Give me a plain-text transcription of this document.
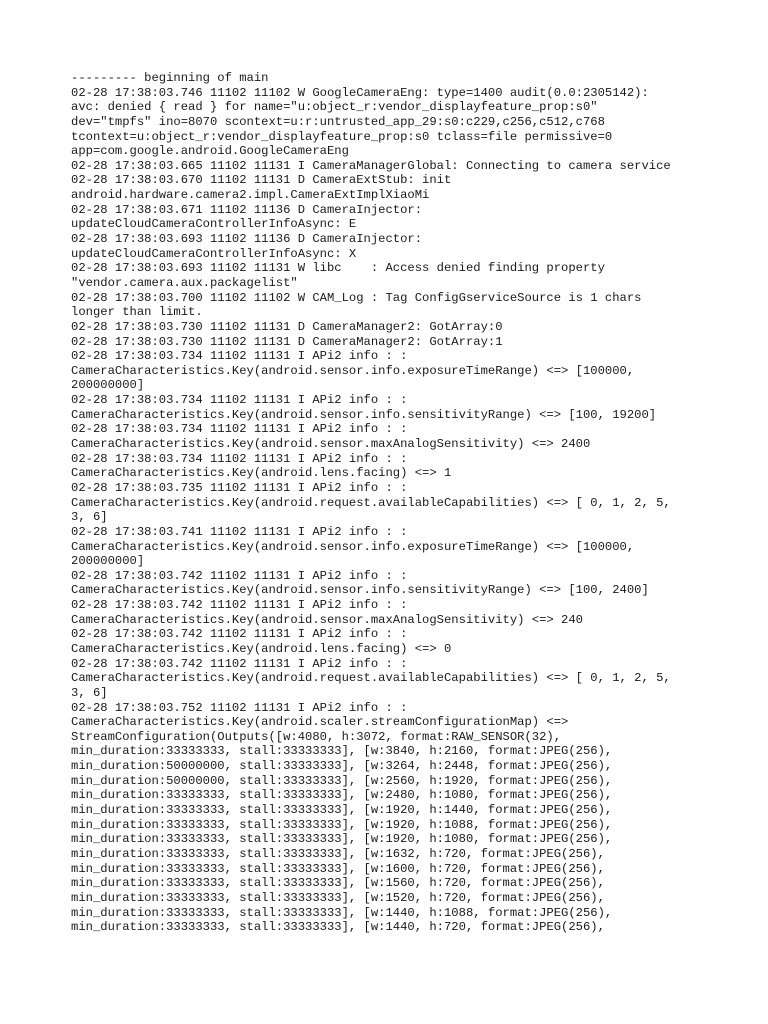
--------- beginning of main
02-28 17:38:03.746 11102 11102 W GoogleCameraEng: type=1400 audit(0.0:2305142):
avc: denied { read } for name="u:object_r:vendor_displayfeature_prop:s0"
dev="tmpfs" ino=8070 scontext=u:r:untrusted_app_29:s0:c229,c256,c512,c768
tcontext=u:object_r:vendor_displayfeature_prop:s0 tclass=file permissive=0
app=com.google.android.GoogleCameraEng
02-28 17:38:03.665 11102 11131 I CameraManagerGlobal: Connecting to camera service
02-28 17:38:03.670 11102 11131 D CameraExtStub: init
android.hardware.camera2.impl.CameraExtImplXiaoMi
02-28 17:38:03.671 11102 11136 D CameraInjector:
updateCloudCameraControllerInfoAsync: E
02-28 17:38:03.693 11102 11136 D CameraInjector:
updateCloudCameraControllerInfoAsync: X
02-28 17:38:03.693 11102 11131 W libc    : Access denied finding property
"vendor.camera.aux.packagelist"
02-28 17:38:03.700 11102 11102 W CAM_Log : Tag ConfigGserviceSource is 1 chars
longer than limit.
02-28 17:38:03.730 11102 11131 D CameraManager2: GotArray:0
02-28 17:38:03.730 11102 11131 D CameraManager2: GotArray:1
02-28 17:38:03.734 11102 11131 I APi2 info : :
CameraCharacteristics.Key(android.sensor.info.exposureTimeRange) <=> [100000,
200000000]
02-28 17:38:03.734 11102 11131 I APi2 info : :
CameraCharacteristics.Key(android.sensor.info.sensitivityRange) <=> [100, 19200]
02-28 17:38:03.734 11102 11131 I APi2 info : :
CameraCharacteristics.Key(android.sensor.maxAnalogSensitivity) <=> 2400
02-28 17:38:03.734 11102 11131 I APi2 info : :
CameraCharacteristics.Key(android.lens.facing) <=> 1
02-28 17:38:03.735 11102 11131 I APi2 info : :
CameraCharacteristics.Key(android.request.availableCapabilities) <=> [ 0, 1, 2, 5,
3, 6]
02-28 17:38:03.741 11102 11131 I APi2 info : :
CameraCharacteristics.Key(android.sensor.info.exposureTimeRange) <=> [100000,
200000000]
02-28 17:38:03.742 11102 11131 I APi2 info : :
CameraCharacteristics.Key(android.sensor.info.sensitivityRange) <=> [100, 2400]
02-28 17:38:03.742 11102 11131 I APi2 info : :
CameraCharacteristics.Key(android.sensor.maxAnalogSensitivity) <=> 240
02-28 17:38:03.742 11102 11131 I APi2 info : :
CameraCharacteristics.Key(android.lens.facing) <=> 0
02-28 17:38:03.742 11102 11131 I APi2 info : :
CameraCharacteristics.Key(android.request.availableCapabilities) <=> [ 0, 1, 2, 5,
3, 6]
02-28 17:38:03.752 11102 11131 I APi2 info : :
CameraCharacteristics.Key(android.scaler.streamConfigurationMap) <=>
StreamConfiguration(Outputs([w:4080, h:3072, format:RAW_SENSOR(32),
min_duration:33333333, stall:33333333], [w:3840, h:2160, format:JPEG(256),
min_duration:50000000, stall:33333333], [w:3264, h:2448, format:JPEG(256),
min_duration:50000000, stall:33333333], [w:2560, h:1920, format:JPEG(256),
min_duration:33333333, stall:33333333], [w:2480, h:1080, format:JPEG(256),
min_duration:33333333, stall:33333333], [w:1920, h:1440, format:JPEG(256),
min_duration:33333333, stall:33333333], [w:1920, h:1088, format:JPEG(256),
min_duration:33333333, stall:33333333], [w:1920, h:1080, format:JPEG(256),
min_duration:33333333, stall:33333333], [w:1632, h:720, format:JPEG(256),
min_duration:33333333, stall:33333333], [w:1600, h:720, format:JPEG(256),
min_duration:33333333, stall:33333333], [w:1560, h:720, format:JPEG(256),
min_duration:33333333, stall:33333333], [w:1520, h:720, format:JPEG(256),
min_duration:33333333, stall:33333333], [w:1440, h:1088, format:JPEG(256),
min_duration:33333333, stall:33333333], [w:1440, h:720, format:JPEG(256),
